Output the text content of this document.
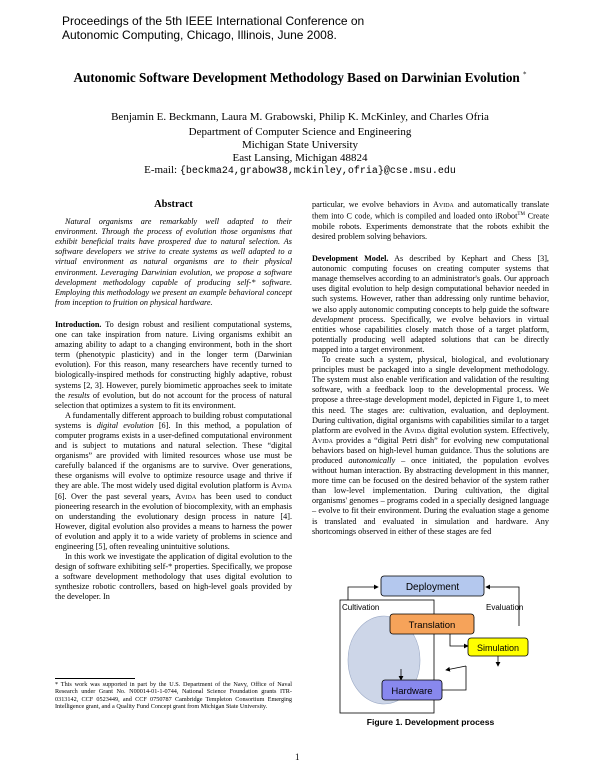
Proceedings of the 5th IEEE International Conference on
Autonomic Computing, Chicago, Illinois, June 2008.
Autonomic Software Development Methodology Based on Darwinian Evolution *
Benjamin E. Beckmann, Laura M. Grabowski, Philip K. McKinley, and Charles Ofria
Department of Computer Science and Engineering
Michigan State University
East Lansing, Michigan 48824
E-mail: {beckma24,grabow38,mckinley,ofria}@cse.msu.edu

Abstract

Natural organisms are remarkably well adapted to their environment. Through the process of evolution those organisms that exhibit beneficial traits have prospered due to natural selection. As software developers we strive to create systems as well adapted to a virtual environment as natural organisms are to their physical environment. Leveraging Darwinian evolution, we propose a software development methodology capable of producing self-* software. Employing this methodology we present an example behavioral concept from inception to fruition on physical hardware.

Introduction. To design robust and resilient computational systems, one can take inspiration from nature. Living organisms exhibit an amazing ability to adapt to a changing environment, both in the short term (phenotypic plasticity) and in the longer term (Darwinian evolution). For this reason, many researchers have recently turned to biologically-inspired methods for constructing highly adaptive, robust systems [2, 3]. However, purely biomimetic approaches seek to imitate the results of evolution, but do not account for the process of natural selection that optimizes a system to fit its environment.

A fundamentally different approach to building robust computational systems is digital evolution [6]. In this method, a population of computer programs exists in a user-defined computational environment and is subject to mutations and natural selection. These “digital organisms” are provided with limited resources whose use must be carefully balanced if the organisms are to survive. Over generations, these organisms will evolve to optimize resource usage and thrive if they are able. The most widely used digital evolution platform is Avida [6]. Over the past several years, Avida has been used to conduct pioneering research in the evolution of biocomplexity, with an emphasis on understanding the evolutionary design process in nature [4]. However, digital evolution also provides a means to harness the power of evolution and apply it to a wide variety of problems in science and engineering [5], often revealing unintuitive solutions.

In this work we investigate the application of digital evolution to the design of software exhibiting self-* properties. Specifically, we propose a software development methodology that uses digital evolution to synthesize robotic controllers, based on high-level goals provided by the developer. In

* This work was supported in part by the U.S. Department of the Navy, Office of Naval Research under Grant No. N00014-01-1-0744, National Science Foundation grants ITR-0313142, CCF 0523449, and CCF 0750787 Cambridge Templeton Consortium Emerging Intelligence grant, and a Quality Fund Concept grant from Michigan State University.

particular, we evolve behaviors in Avida and automatically translate them into C code, which is compiled and loaded onto iRobot™ Create mobile robots. Experiments demonstrate that the robots exhibit the desired problem solving behaviors.

Development Model. As described by Kephart and Chess [3], autonomic computing focuses on creating computer systems that manage themselves according to an administrator's goals. Our approach uses digital evolution to help design computational behavior needed in such systems. However, rather than addressing only runtime behavior, we also apply autonomic computing concepts to help guide the software development process. Specifically, we evolve behaviors in virtual entities whose capabilities closely match those of a target platform, potentially producing well adapted solutions that can be directly mapped into a target environment.

To create such a system, physical, biological, and evolutionary principles must be packaged into a single development methodology. The system must also enable verification and validation of the resulting software, with a feedback loop to the developmental process. We propose a three-stage development model, depicted in Figure 1, to meet this need. The stages are: cultivation, evaluation, and deployment. During cultivation, digital organisms with capabilities similar to a target platform are evolved in the Avida digital evolution system. Effectively, Avida provides a “digital Petri dish” for evolving new computational behaviors based on high-level human guidance. Thus the solutions are produced autonomically – once initiated, the population evolves without human interaction. By abstracting development in this manner, more time can be focused on the desired behavior of the system rather than low-level implementation. During cultivation, the digital organisms' genomes – programs coded in a specially designed language – evolve to fit their environment. During the evaluation stage a genome is translated and evaluated in simulation and hardware. Any shortcomings observed in either of these stages are fed

Deployment
Cultivation	Evaluation
Translation
Simulation
Hardware
Figure 1. Development process
1
